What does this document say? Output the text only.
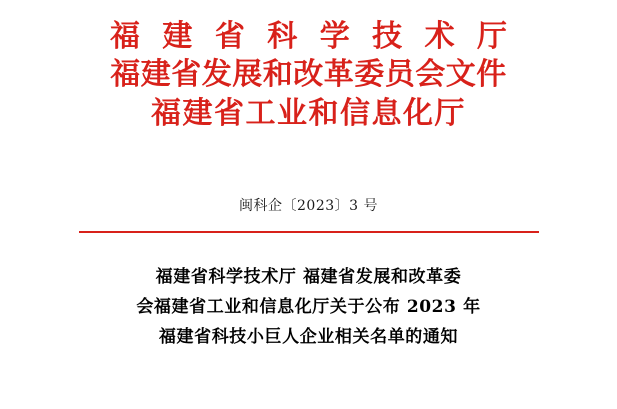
福 建 省 科 学 技 术 厅
福建省发展和改革委员会文件
福建省工业和信息化厅
闽科企〔2023〕3 号
福建省科学技术厅 福建省发展和改革委
会福建省工业和信息化厅关于公布 2023 年
福建省科技小巨人企业相关名单的通知
